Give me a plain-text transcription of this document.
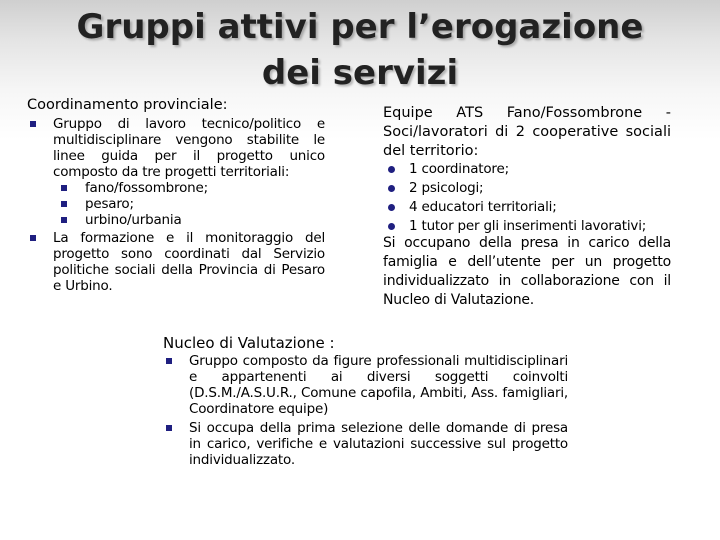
Gruppi attivi per l’erogazione
dei servizi
Coordinamento provinciale:
Gruppo di lavoro tecnico/politico e multidisciplinare vengono stabilite le linee guida per il progetto unico composto da tre progetti territoriali:
fano/fossombrone;
pesaro;
urbino/urbania
La formazione e il monitoraggio del progetto sono coordinati dal Servizio politiche sociali della Provincia di Pesaro e Urbino.
Equipe ATS Fano/Fossombrone - Soci/lavoratori di 2 cooperative sociali del territorio:
1 coordinatore;
2 psicologi;
4 educatori territoriali;
1 tutor per gli inserimenti lavorativi;
Si occupano della presa in carico della famiglia e dell’utente per un progetto individualizzato in collaborazione con il Nucleo di Valutazione.
Nucleo di Valutazione :
Gruppo composto da figure professionali multidisciplinari e appartenenti ai diversi soggetti coinvolti (D.S.M./A.S.U.R., Comune capofila, Ambiti, Ass. famigliari, Coordinatore equipe)
Si occupa della prima selezione delle domande di presa in carico, verifiche e valutazioni successive sul progetto individualizzato.
